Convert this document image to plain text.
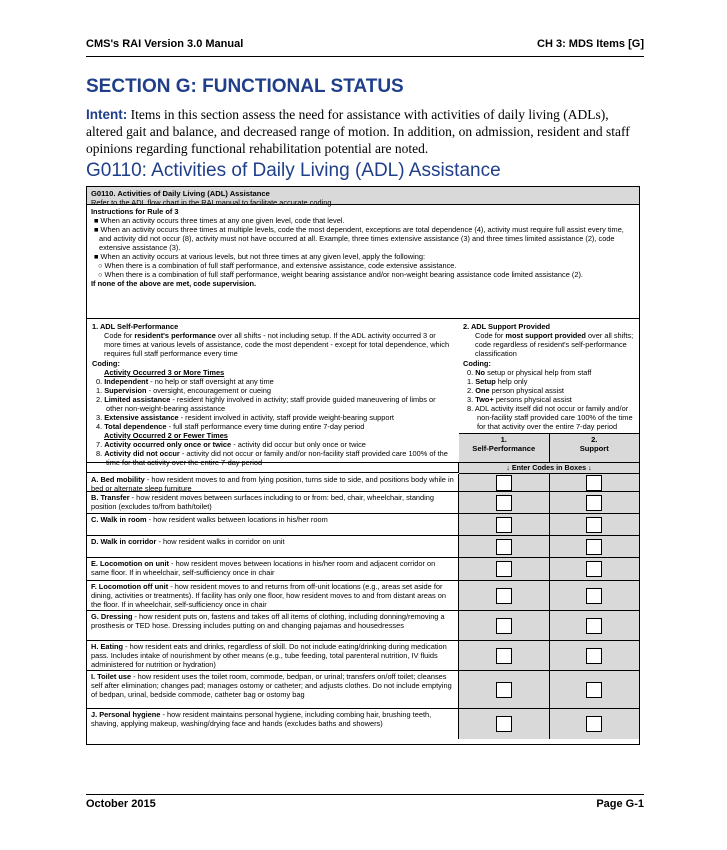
CMS's RAI Version 3.0 Manual	CH 3: MDS Items [G]
SECTION G: FUNCTIONAL STATUS
Intent: Items in this section assess the need for assistance with activities of daily living (ADLs), altered gait and balance, and decreased range of motion. In addition, on admission, resident and staff opinions regarding functional rehabilitation potential are noted.
G0110: Activities of Daily Living (ADL) Assistance
G0110. Activities of Daily Living (ADL) Assistance
Refer to the ADL flow chart in the RAI manual to facilitate accurate coding
Instructions for Rule of 3
■ When an activity occurs three times at any one given level, code that level.
■ When an activity occurs three times at multiple levels, code the most dependent, exceptions are total dependence (4), activity must require full assist every time, and activity did not occur (8), activity must not have occurred at all. Example, three times extensive assistance (3) and three times limited assistance (2), code extensive assistance (3).
■ When an activity occurs at various levels, but not three times at any given level, apply the following:
○ When there is a combination of full staff performance, and extensive assistance, code extensive assistance.
○ When there is a combination of full staff performance, weight bearing assistance and/or non-weight bearing assistance code limited assistance (2).
If none of the above are met, code supervision.
1. ADL Self-Performance
Code for resident's performance over all shifts - not including setup. If the ADL activity occurred 3 or more times at various levels of assistance, code the most dependent - except for total dependence, which requires full staff performance every time
Coding:
Activity Occurred 3 or More Times
0. Independent - no help or staff oversight at any time
1. Supervision - oversight, encouragement or cueing
2. Limited assistance - resident highly involved in activity; staff provide guided maneuvering of limbs or other non-weight-bearing assistance
3. Extensive assistance - resident involved in activity, staff provide weight-bearing support
4. Total dependence - full staff performance every time during entire 7-day period
Activity Occurred 2 or Fewer Times
7. Activity occurred only once or twice - activity did occur but only once or twice
8. Activity did not occur - activity did not occur or family and/or non-facility staff provided care 100% of the time for that activity over the entire 7-day period
2. ADL Support Provided
Code for most support provided over all shifts; code regardless of resident's self-performance classification
Coding:
0. No setup or physical help from staff
1. Setup help only
2. One person physical assist
3. Two+ persons physical assist
8. ADL activity itself did not occur or family and/or non-facility staff provided care 100% of the time for that activity over the entire 7-day period
1.
Self-Performance
2.
Support
↓ Enter Codes in Boxes ↓
A. Bed mobility - how resident moves to and from lying position, turns side to side, and positions body while in bed or alternate sleep furniture
B. Transfer - how resident moves between surfaces including to or from: bed, chair, wheelchair, standing position (excludes to/from bath/toilet)
C. Walk in room - how resident walks between locations in his/her room
D. Walk in corridor - how resident walks in corridor on unit
E. Locomotion on unit - how resident moves between locations in his/her room and adjacent corridor on same floor. If in wheelchair, self-sufficiency once in chair
F. Locomotion off unit - how resident moves to and returns from off-unit locations (e.g., areas set aside for dining, activities or treatments). If facility has only one floor, how resident moves to and from distant areas on the floor. If in wheelchair, self-sufficiency once in chair
G. Dressing - how resident puts on, fastens and takes off all items of clothing, including donning/removing a prosthesis or TED hose. Dressing includes putting on and changing pajamas and housedresses
H. Eating - how resident eats and drinks, regardless of skill. Do not include eating/drinking during medication pass. Includes intake of nourishment by other means (e.g., tube feeding, total parenteral nutrition, IV fluids administered for nutrition or hydration)
I. Toilet use - how resident uses the toilet room, commode, bedpan, or urinal; transfers on/off toilet; cleanses self after elimination; changes pad; manages ostomy or catheter; and adjusts clothes. Do not include emptying of bedpan, urinal, bedside commode, catheter bag or ostomy bag
J. Personal hygiene - how resident maintains personal hygiene, including combing hair, brushing teeth, shaving, applying makeup, washing/drying face and hands (excludes baths and showers)
October 2015	Page G-1
